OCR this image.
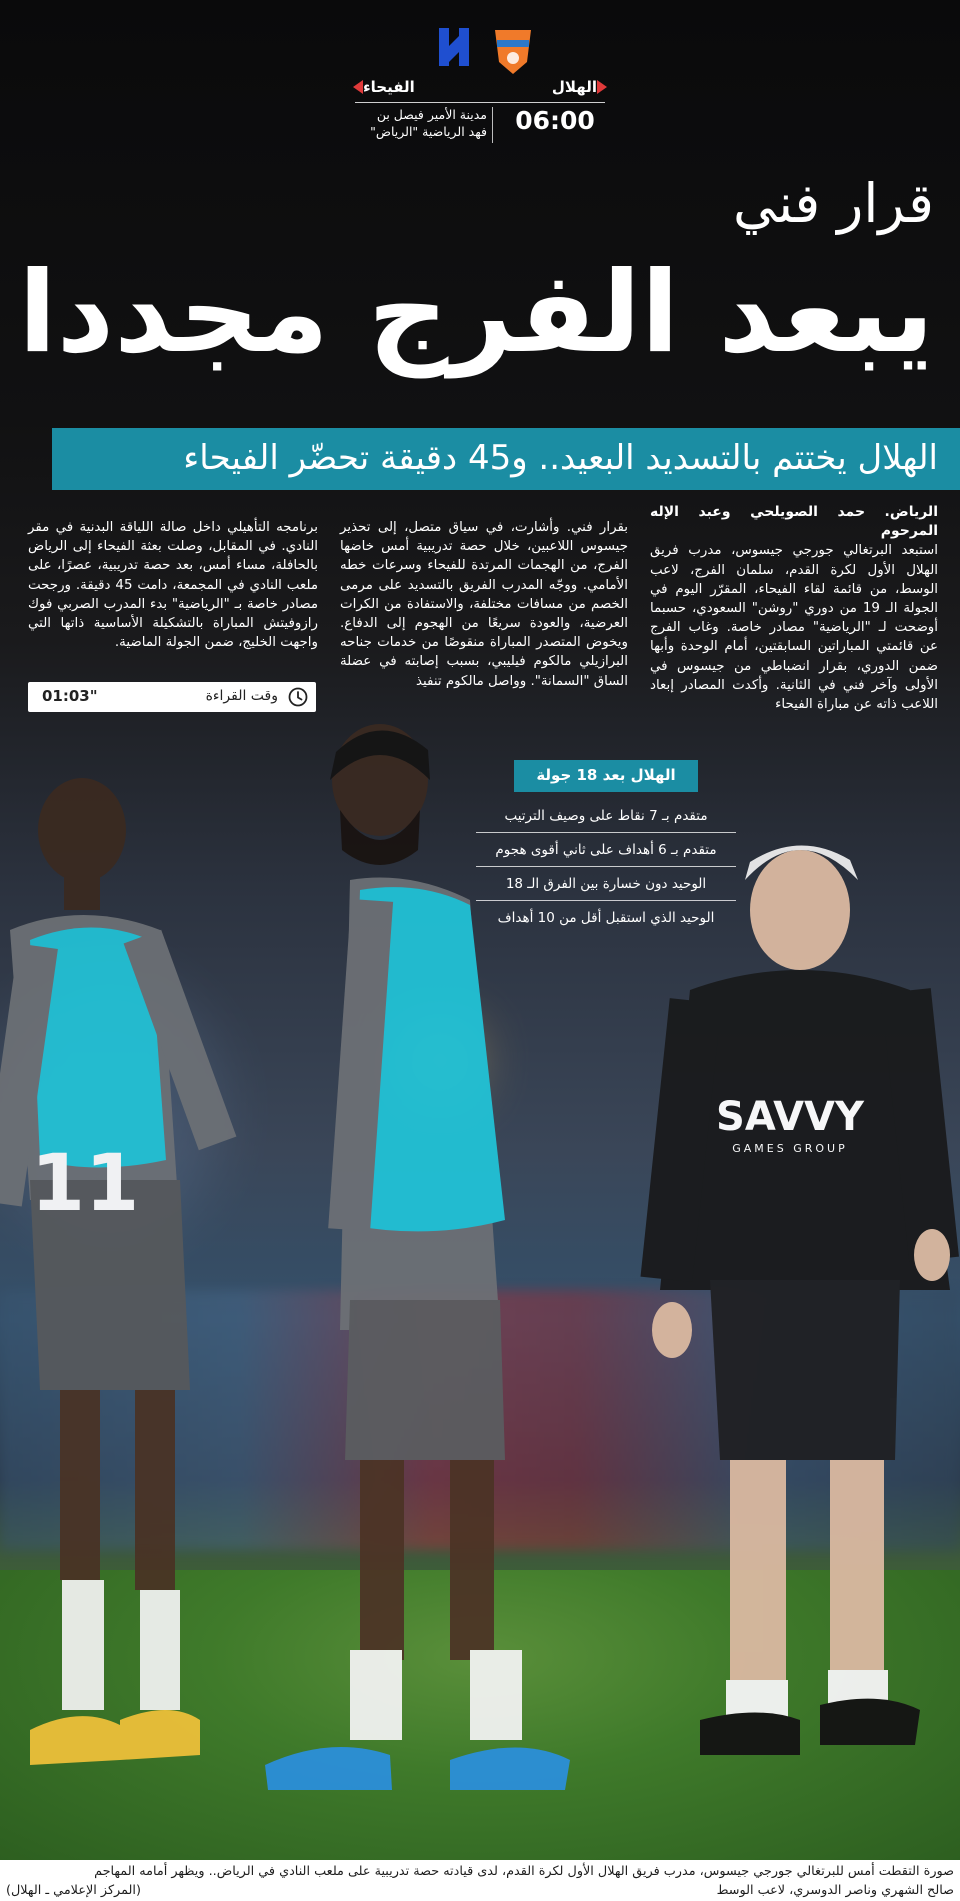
11
SAVVY
GAMES GROUP
الفيحاء	الهلال
06:00
مدينة الأمير فيصل بن
فهد الرياضية "الرياض"
قرار فني
يبعد الفرج مجددا
الهلال يختتم بالتسديد البعيد.. و45 دقيقة تحضّر الفيحاء

الرياض. حمد الصويلحي وعبد الإله المرحوم

استبعد البرتغالي جورجي جيسوس، مدرب فريق الهلال الأول لكرة القدم، سلمان الفرج، لاعب الوسط، من قائمة لقاء الفيحاء، المقرّر اليوم في الجولة الـ 19 من دوري "روشن" السعودي، حسبما أوضحت لـ "الرياضية" مصادر خاصة. وغاب الفرج عن قائمتي المباراتين السابقتين، أمام الوحدة وأبها ضمن الدوري، بقرار انضباطي من جيسوس في الأولى وآخر فني في الثانية. وأكدت المصادر إبعاد اللاعب ذاته عن مباراة الفيحاء

بقرار فني. وأشارت، في سياق متصل، إلى تحذير جيسوس اللاعبين، خلال حصة تدريبية أمس خاضها الفرج، من الهجمات المرتدة للفيحاء وسرعات خطه الأمامي. ووجّه المدرب الفريق بالتسديد على مرمى الخصم من مسافات مختلفة، والاستفادة من الكرات العرضية، والعودة سريعًا من الهجوم إلى الدفاع. ويخوض المتصدر المباراة منقوصًا من خدمات جناحه البرازيلي مالكوم فيليبي، بسبب إصابته في عضلة الساق "السمانة". وواصل مالكوم تنفيذ

برنامجه التأهيلي داخل صالة اللياقة البدنية في مقر النادي. في المقابل، وصلت بعثة الفيحاء إلى الرياض بالحافلة، مساء أمس، بعد حصة تدريبية، عصرًا، على ملعب النادي في المجمعة، دامت 45 دقيقة. ورجحت مصادر خاصة بـ "الرياضية" بدء المدرب الصربي فوك رازوفيتش المباراة بالتشكيلة الأساسية ذاتها التي واجهت الخليج، ضمن الجولة الماضية.

وقت القراءة
01:03"
الهلال بعد 18 جولة
متقدم بـ 7 نقاط على وصيف الترتيب
متقدم بـ 6 أهداف على ثاني أقوى هجوم
الوحيد دون خسارة بين الفرق الـ 18
الوحيد الذي استقبل أقل من 10 أهداف
صورة التقطت أمس للبرتغالي جورجي جيسوس، مدرب فريق الهلال الأول لكرة القدم، لدى قيادته حصة تدريبية على ملعب النادي في الرياض.. ويظهر أمامه المهاجم
صالح الشهري وناصر الدوسري، لاعب الوسط
(المركز الإعلامي ـ الهلال)
